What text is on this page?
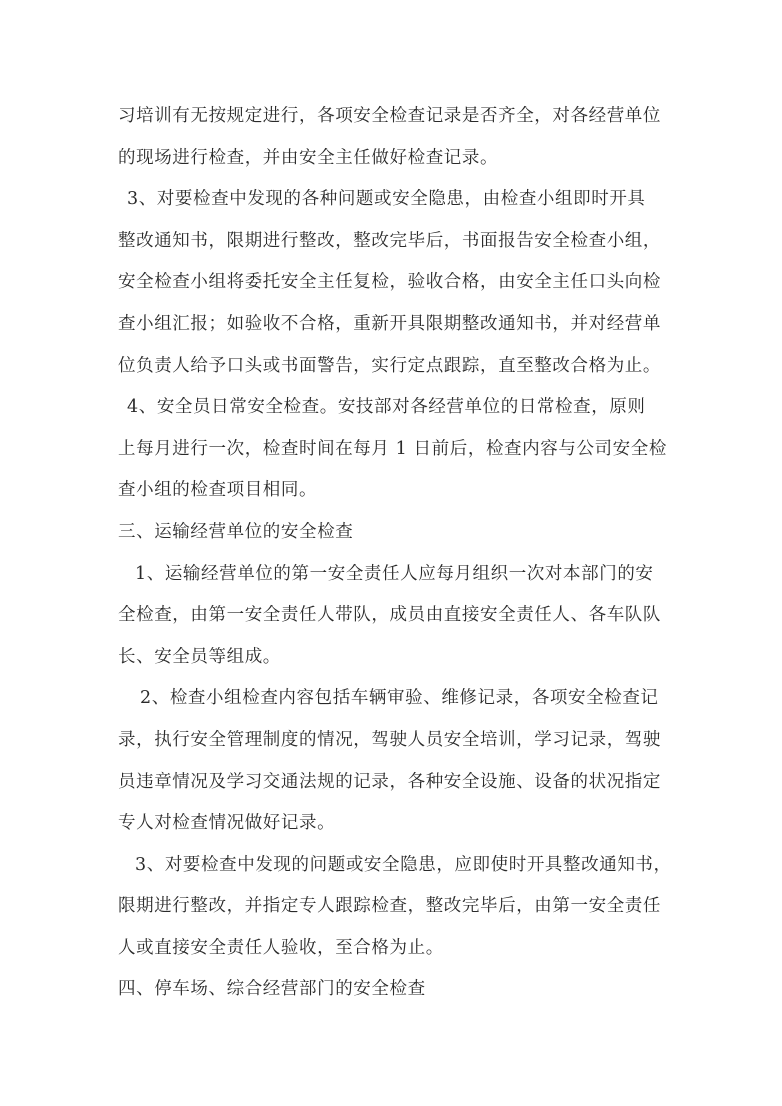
习培训有无按规定进行，各项安全检查记录是否齐全，对各经营单位
的现场进行检查，并由安全主任做好检查记录。
3、对要检查中发现的各种问题或安全隐患，由检查小组即时开具
整改通知书，限期进行整改，整改完毕后，书面报告安全检查小组，
安全检查小组将委托安全主任复检，验收合格，由安全主任口头向检
查小组汇报；如验收不合格，重新开具限期整改通知书，并对经营单
位负责人给予口头或书面警告，实行定点跟踪，直至整改合格为止。
4、安全员日常安全检查。安技部对各经营单位的日常检查，原则
上每月进行一次，检查时间在每月 1 日前后，检查内容与公司安全检
查小组的检查项目相同。
三、运输经营单位的安全检查
1、运输经营单位的第一安全责任人应每月组织一次对本部门的安
全检查，由第一安全责任人带队，成员由直接安全责任人、各车队队
长、安全员等组成。
2、检查小组检查内容包括车辆审验、维修记录，各项安全检查记
录，执行安全管理制度的情况，驾驶人员安全培训，学习记录，驾驶
员违章情况及学习交通法规的记录，各种安全设施、设备的状况指定
专人对检查情况做好记录。
3、对要检查中发现的问题或安全隐患，应即使时开具整改通知书，
限期进行整改，并指定专人跟踪检查，整改完毕后，由第一安全责任
人或直接安全责任人验收，至合格为止。
四、停车场、综合经营部门的安全检查
